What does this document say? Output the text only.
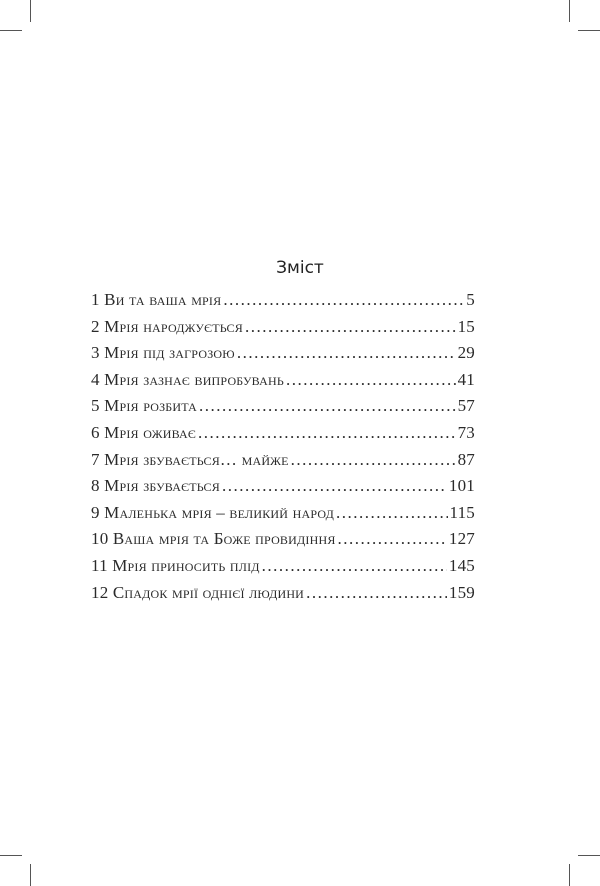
Зміст
1 Ви та ваша мрія .....	5
2 Мрія народжується .....	15
3 Мрія під загрозою .....	29
4 Мрія зазнає випробувань .....	41
5 Мрія розбита .....	57
6 Мрія оживає .....	73
7 Мрія збувається… майже .....	87
8 Мрія збувається .....	101
9 Маленька мрія – великий народ .....	115
10 Ваша мрія та Боже провидіння .....	127
11 Мрія приносить плід .....	145
12 Спадок мрії однієї людини .....	159
